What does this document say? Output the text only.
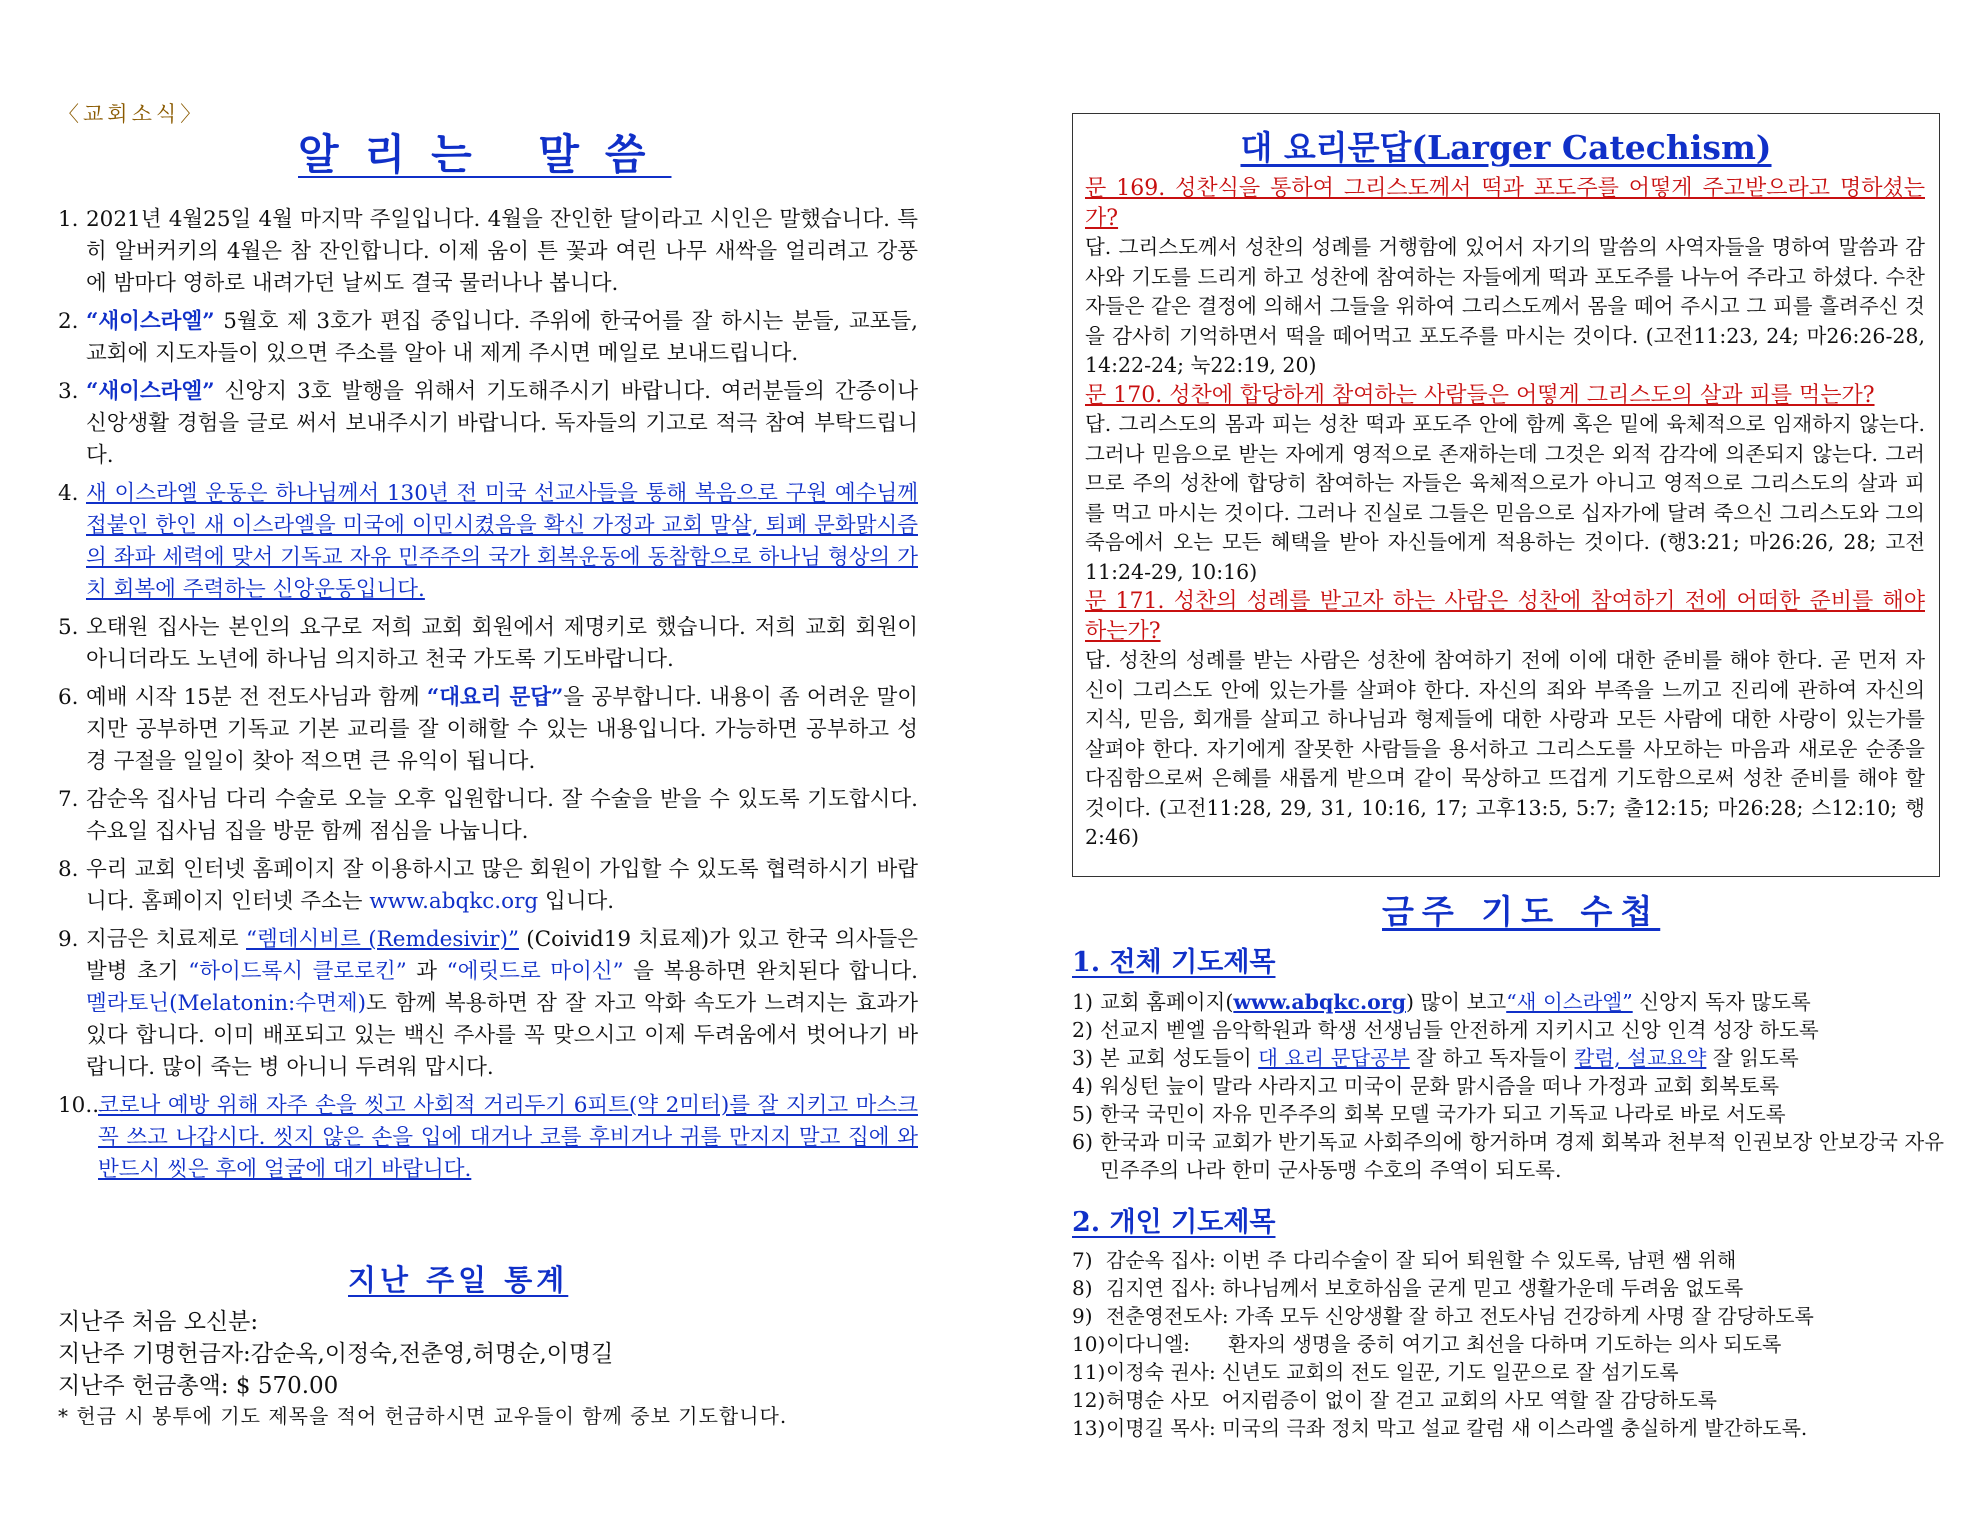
〈교회소식〉
알리는 말씀
1. 2021년 4월25일 4월 마지막 주일입니다. 4월을 잔인한 달이라고 시인은 말했습니다. 특히 알버커키의 4월은 참 잔인합니다. 이제 움이 튼 꽃과 여린 나무 새싹을 얼리려고 강풍에 밤마다 영하로 내려가던 날씨도 결국 물러나나 봅니다.
2. “새이스라엘” 5월호 제 3호가 편집 중입니다. 주위에 한국어를 잘 하시는 분들, 교포들, 교회에 지도자들이 있으면 주소를 알아 내 제게 주시면 메일로 보내드립니다.
3. “새이스라엘” 신앙지 3호 발행을 위해서 기도해주시기 바랍니다. 여러분들의 간증이나 신앙생활 경험을 글로 써서 보내주시기 바랍니다. 독자들의 기고로 적극 참여 부탁드립니다.
4. 새 이스라엘 운동은 하나님께서 130년 전 미국 선교사들을 통해 복음으로 구원 예수님께 접붙인 한인 새 이스라엘을 미국에 이민시켰음을 확신 가정과 교회 말살, 퇴폐 문화맑시즘의 좌파 세력에 맞서 기독교 자유 민주주의 국가 회복운동에 동참함으로 하나님 형상의 가치 회복에 주력하는 신앙운동입니다.
5. 오태원 집사는 본인의 요구로 저희 교회 회원에서 제명키로 했습니다. 저희 교회 회원이 아니더라도 노년에 하나님 의지하고 천국 가도록 기도바랍니다.
6. 예배 시작 15분 전 전도사님과 함께 “대요리 문답”을 공부합니다. 내용이 좀 어려운 말이지만 공부하면 기독교 기본 교리를 잘 이해할 수 있는 내용입니다. 가능하면 공부하고 성경 구절을 일일이 찾아 적으면 큰 유익이 됩니다.
7. 감순옥 집사님 다리 수술로 오늘 오후 입원합니다. 잘 수술을 받을 수 있도록 기도합시다. 수요일 집사님 집을 방문 함께 점심을 나눕니다.
8. 우리 교회 인터넷 홈페이지 잘 이용하시고 많은 회원이 가입할 수 있도록 협력하시기 바랍니다. 홈페이지 인터넷 주소는 www.abqkc.org 입니다.
9. 지금은 치료제로 “렘데시비르 (Remdesivir)” (Coivid19 치료제)가 있고 한국 의사들은 발병 초기 “하이드록시 클로로킨” 과 “에릿드로 마이신” 을 복용하면 완치된다 합니다. 멜라토닌(Melatonin:수면제)도 함께 복용하면 잠 잘 자고 악화 속도가 느려지는 효과가 있다 합니다. 이미 배포되고 있는 백신 주사를 꼭 맞으시고 이제 두려움에서 벗어나기 바랍니다. 많이 죽는 병 아니니 두려워 맙시다.
10..
코로나 예방 위해 자주 손을 씻고 사회적 거리두기 6피트(약 2미터)를 잘 지키고 마스크 꼭 쓰고 나갑시다. 씻지 않은 손을 입에 대거나 코를 후비거나 귀를 만지지 말고 집에 와 반드시 씻은 후에 얼굴에 대기 바랍니다.
지난 주일 통계
지난주 처음 오신분:
지난주 기명헌금자:감순옥,이정숙,전춘영,허명순,이명길
지난주 헌금총액: $ 570.00
* 헌금 시 봉투에 기도 제목을 적어 헌금하시면 교우들이 함께 중보 기도합니다.
대 요리문답(Larger Catechism)
문 169. 성찬식을 통하여 그리스도께서 떡과 포도주를 어떻게 주고받으라고 명하셨는가?
답. 그리스도께서 성찬의 성례를 거행함에 있어서 자기의 말씀의 사역자들을 명하여 말씀과 감사와 기도를 드리게 하고 성찬에 참여하는 자들에게 떡과 포도주를 나누어 주라고 하셨다. 수찬자들은 같은 결정에 의해서 그들을 위하여 그리스도께서 몸을 떼어 주시고 그 피를 흘려주신 것을 감사히 기억하면서 떡을 떼어먹고 포도주를 마시는 것이다. (고전11:23, 24; 마26:26-28, 14:22-24; 눅22:19, 20)
문 170. 성찬에 합당하게 참여하는 사람들은 어떻게 그리스도의 살과 피를 먹는가?
답. 그리스도의 몸과 피는 성찬 떡과 포도주 안에 함께 혹은 밑에 육체적으로 임재하지 않는다. 그러나 믿음으로 받는 자에게 영적으로 존재하는데 그것은 외적 감각에 의존되지 않는다. 그러므로 주의 성찬에 합당히 참여하는 자들은 육체적으로가 아니고 영적으로 그리스도의 살과 피를 먹고 마시는 것이다. 그러나 진실로 그들은 믿음으로 십자가에 달려 죽으신 그리스도와 그의 죽음에서 오는 모든 혜택을 받아 자신들에게 적용하는 것이다. (행3:21; 마26:26, 28; 고전11:24-29, 10:16)
문 171. 성찬의 성례를 받고자 하는 사람은 성찬에 참여하기 전에 어떠한 준비를 해야 하는가?
답. 성찬의 성례를 받는 사람은 성찬에 참여하기 전에 이에 대한 준비를 해야 한다. 곧 먼저 자신이 그리스도 안에 있는가를 살펴야 한다. 자신의 죄와 부족을 느끼고 진리에 관하여 자신의 지식, 믿음, 회개를 살피고 하나님과 형제들에 대한 사랑과 모든 사람에 대한 사랑이 있는가를 살펴야 한다. 자기에게 잘못한 사람들을 용서하고 그리스도를 사모하는 마음과 새로운 순종을 다짐함으로써 은혜를 새롭게 받으며 같이 묵상하고 뜨겁게 기도함으로써 성찬 준비를 해야 할 것이다. (고전11:28, 29, 31, 10:16, 17; 고후13:5, 5:7; 출12:15; 마26:28; 스12:10; 행2:46)
금주 기도 수첩
1. 전체 기도제목
1) 교회 홈페이지(www.abqkc.org) 많이 보고“새 이스라엘” 신앙지 독자 많도록
2) 선교지 벧엘 음악학원과 학생 선생님들 안전하게 지키시고 신앙 인격 성장 하도록
3) 본 교회 성도들이 대 요리 문답공부 잘 하고 독자들이 칼럼, 설교요약 잘 읽도록
4) 워싱턴 늪이 말라 사라지고 미국이 문화 맑시즘을 떠나 가정과 교회 회복토록
5) 한국 국민이 자유 민주주의 회복 모델 국가가 되고 기독교 나라로 바로 서도록
6) 한국과 미국 교회가 반기독교 사회주의에 항거하며 경제 회복과 천부적 인권보장 안보강국 자유 민주주의 나라 한미 군사동맹 수호의 주역이 되도록.
2. 개인 기도제목
7) 감순옥 집사: 이번 주 다리수술이 잘 되어 퇴원할 수 있도록, 남편 쌤 위해
8) 김지연 집사: 하나님께서 보호하심을 굳게 믿고 생활가운데 두려움 없도록
9) 전춘영전도사: 가족 모두 신앙생활 잘 하고 전도사님 건강하게 사명 잘 감당하도록
10) 이다니엘:      환자의 생명을 중히 여기고 최선을 다하며 기도하는 의사 되도록
11) 이정숙 권사: 신년도 교회의 전도 일꾼, 기도 일꾼으로 잘 섬기도록
12) 허명순 사모  어지럼증이 없이 잘 걷고 교회의 사모 역할 잘 감당하도록
13) 이명길 목사: 미국의 극좌 정치 막고 설교 칼럼 새 이스라엘 충실하게 발간하도록.
